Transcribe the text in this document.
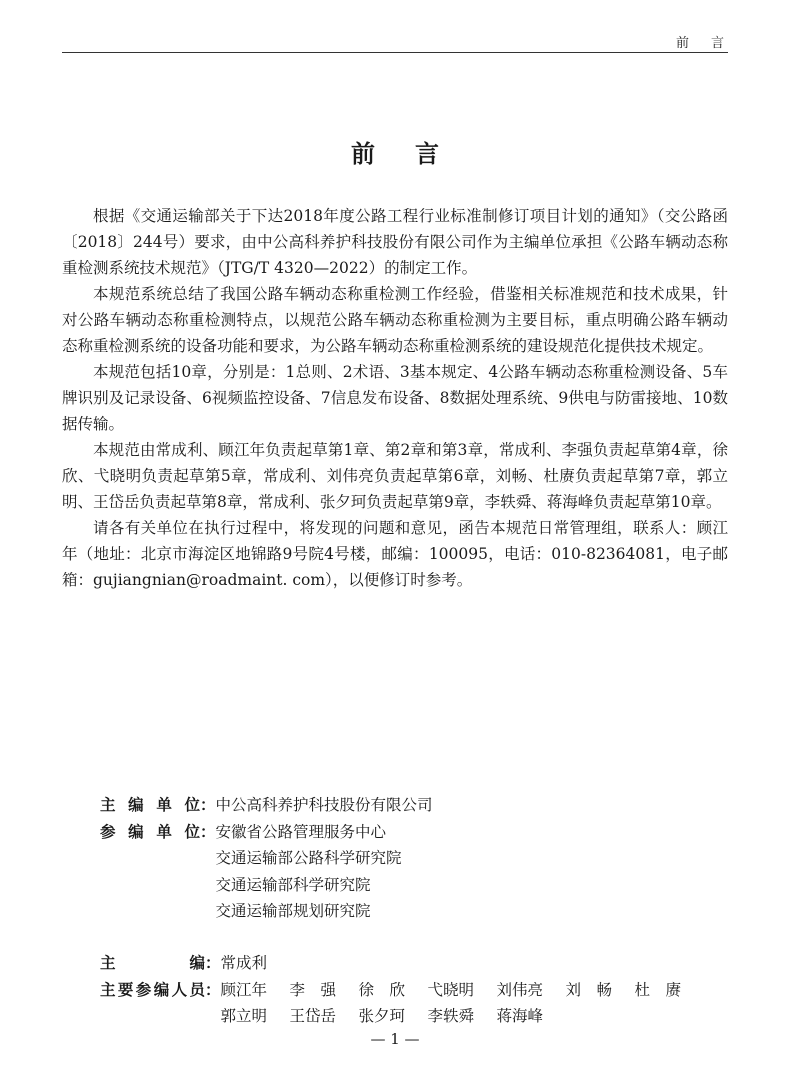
前言
前言

根据《交通运输部关于下达2018年度公路工程行业标准制修订项目计划的通知》（交公路函〔2018〕244号）要求，由中公高科养护科技股份有限公司作为主编单位承担《公路车辆动态称重检测系统技术规范》（JTG/T 4320—2022）的制定工作。

本规范系统总结了我国公路车辆动态称重检测工作经验，借鉴相关标准规范和技术成果，针对公路车辆动态称重检测特点，以规范公路车辆动态称重检测为主要目标，重点明确公路车辆动态称重检测系统的设备功能和要求，为公路车辆动态称重检测系统的建设规范化提供技术规定。

本规范包括10章，分别是：1总则、2术语、3基本规定、4公路车辆动态称重检测设备、5车牌识别及记录设备、6视频监控设备、7信息发布设备、8数据处理系统、9供电与防雷接地、10数据传输。

本规范由常成利、顾江年负责起草第1章、第2章和第3章，常成利、李强负责起草第4章，徐欣、弋晓明负责起草第5章，常成利、刘伟亮负责起草第6章，刘畅、杜赓负责起草第7章，郭立明、王岱岳负责起草第8章，常成利、张夕珂负责起草第9章，李轶舜、蒋海峰负责起草第10章。

请各有关单位在执行过程中，将发现的问题和意见，函告本规范日常管理组，联系人：顾江年（地址：北京市海淀区地锦路9号院4号楼，邮编：100095，电话：010-82364081，电子邮箱：gujiangnian@roadmaint. com），以便修订时参考。

主编单位 ： 中公高科养护科技股份有限公司
参编单位 ： 安徽省公路管理服务中心
交通运输部公路科学研究院
交通运输部科学研究院
交通运输部规划研究院
主编 ： 常成利
主要参编人员 ： 顾江年	李　强	徐　欣	弋晓明	刘伟亮	刘　畅	杜　赓
郭立明	王岱岳	张夕珂	李轶舜	蒋海峰
— 1 —
